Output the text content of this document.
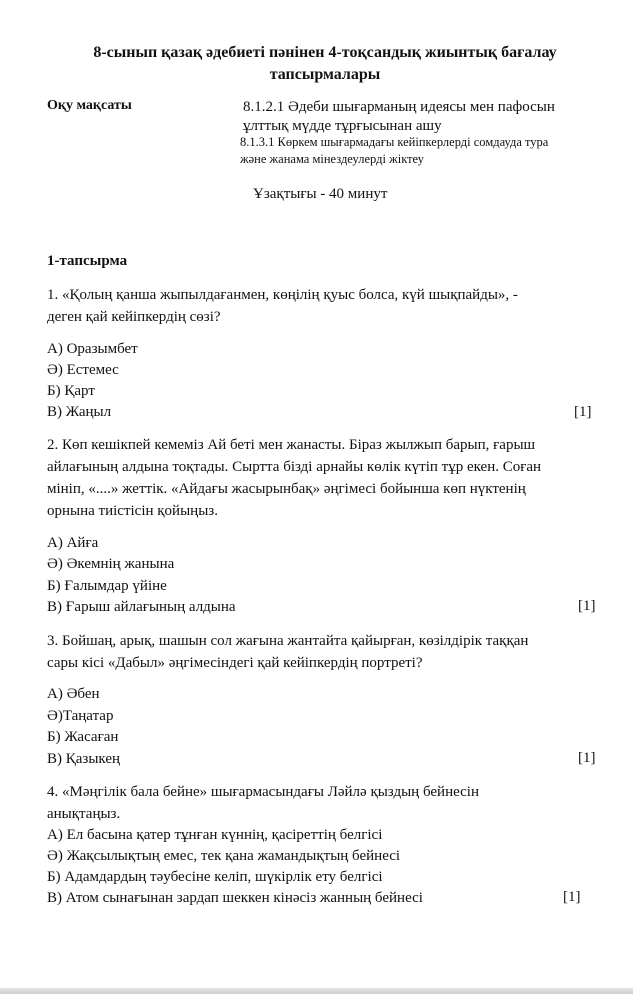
8-сынып қазақ әдебиеті пәнінен 4-тоқсандық жиынтық бағалау
тапсырмалары
Оқу мақсаты	8.1.2.1 Әдеби шығарманың идеясы мен пафосын
ұлттық мүдде тұрғысынан ашу
8.1.3.1 Көркем шығармадағы кейіпкерлерді сомдауда тура
және жанама мінездеулерді жіктеу
Ұзақтығы - 40 минут
1-тапсырма
1. «Қолың қанша жыпылдағанмен, көңілің қуыс болса, күй шықпайды», -
деген қай кейіпкердің сөзі?
А) Оразымбет
Ә) Естемес
Б) Қарт
В) Жаңыл	[1]
2. Көп кешікпей кемеміз Ай беті мен жанасты. Біраз жылжып барып, ғарыш
айлағының алдына тоқтады. Сыртта бізді арнайы көлік күтіп тұр екен. Соған
мініп, «....» жеттік. «Айдағы жасырынбақ» әңгімесі бойынша көп нүктенің
орнына тиістісін қойыңыз.
А) Айға
Ә) Әкемнің жанына
Б) Ғалымдар үйіне
В) Ғарыш айлағының алдына	[1]
3. Бойшаң, арық, шашын сол жағына жантайта қайырған, көзілдірік таққан
сары кісі «Дабыл» әңгімесіндегі қай кейіпкердің портреті?
А) Әбен
Ә)Таңатар
Б) Жасаған
В) Қазыкең	[1]
4. «Мәңгілік бала бейне» шығармасындағы Ләйлә қыздың бейнесін
анықтаңыз.
А) Ел басына қатер тұнған күннің, қасіреттің белгісі
Ә) Жақсылықтың емес, тек қана жамандықтың бейнесі
Б) Адамдардың тәубесіне келіп, шүкірлік ету белгісі
В) Атом сынағынан зардап шеккен кінәсіз жанның бейнесі	[1]
